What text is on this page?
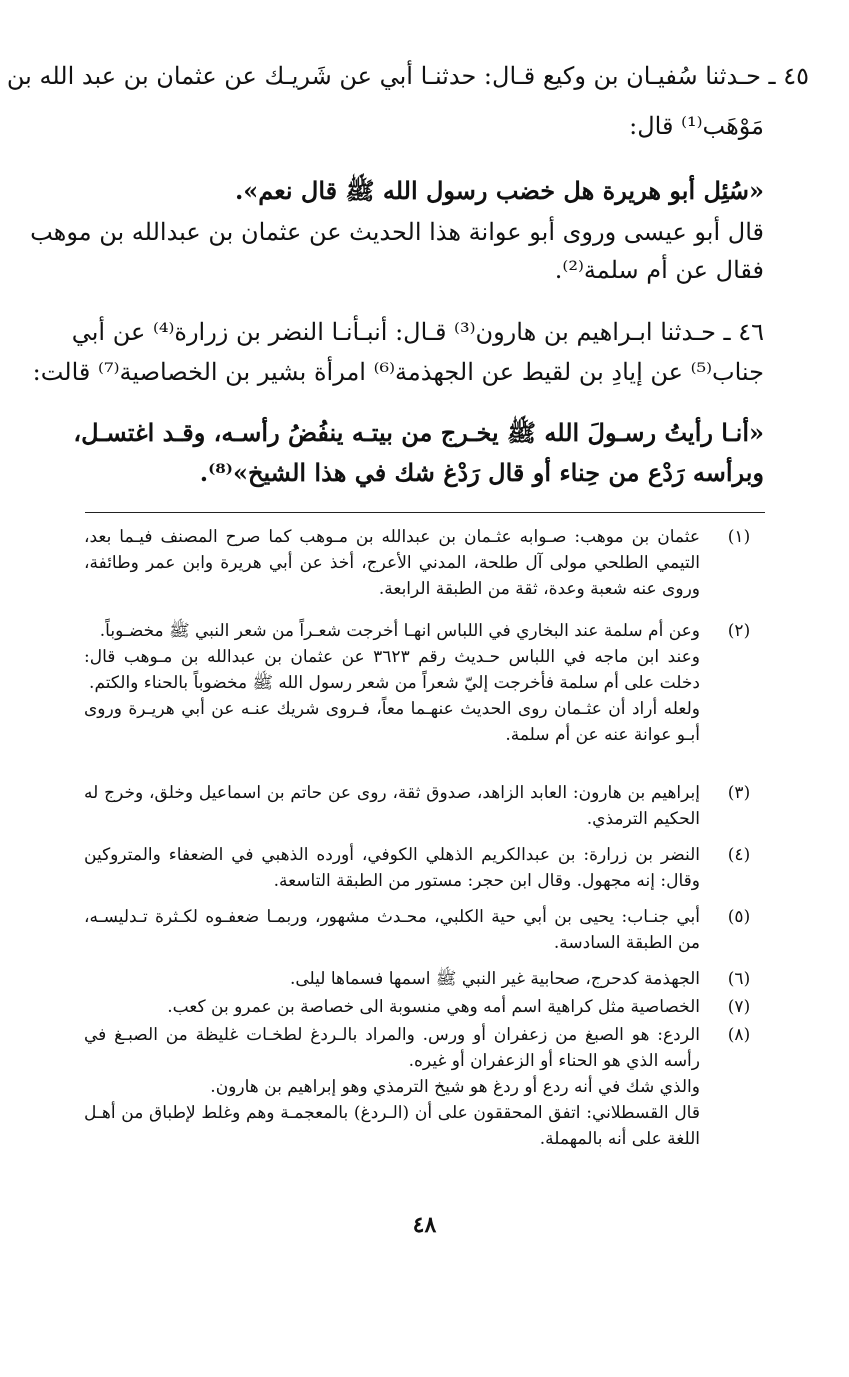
٤٥ ـ حـدثنا سُفيـان بن وكيع قـال: حدثنـا أبي عن شَريـك عن عثمان بن عبد الله بن
مَوْهَب⁽¹⁾ قال:
«سُئِل أبو هريرة هل خضب رسول الله ﷺ قال نعم».
قال أبو عيسى وروى أبو عوانة هذا الحديث عن عثمان بن عبدالله بن موهب
فقال عن أم سلمة⁽²⁾.
٤٦ ـ حـدثنا ابـراهيم بن هارون⁽³⁾ قـال: أنبـأنـا النضر بن زرارة⁽⁴⁾ عن أبي
جناب⁽⁵⁾ عن إيادِ بن لقيط عن الجهذمة⁽⁶⁾ امرأة بشير بن الخصاصية⁽⁷⁾ قالت:
«أنـا رأيتُ رسـولَ الله ﷺ يخـرج من بيتـه ينفُضُ رأسـه، وقـد اغتسـل،
وبرأسه رَدْع من حِناء أو قال رَدْغ شك في هذا الشيخ»⁽⁸⁾.
(١)

عثمان بن موهب: صـوابه عثـمان بن عبدالله بن مـوهب كما صرح المصنف فيـما بعد، التيمي الطلحي مولى آل طلحة، المدني الأعرج، أخذ عن أبي هريرة وابن عمر وطائفة، وروى عنه شعبة وعدة، ثقة من الطبقة الرابعة.

(٢)

وعن أم سلمة عند البخاري في اللباس انهـا أخرجت شعـراً من شعر النبي ﷺ مخضـوباً.

وعند ابن ماجه في اللباس حـديث رقم ٣٦٢٣ عن عثمان بن عبدالله بن مـوهب قال: دخلت على أم سلمة فأخرجت إليّ شعراً من شعر رسول الله ﷺ مخضوباً بالحناء والكتم.

ولعله أراد أن عثـمان روى الحديث عنهـما معاً، فـروى شريك عنـه عن أبي هريـرة وروى أبـو عوانة عنه عن أم سلمة.

(٣)

إبراهيم بن هارون: العابد الزاهد، صدوق ثقة، روى عن حاتم بن اسماعيل وخلق، وخرج له الحكيم الترمذي.

(٤)

النضر بن زرارة: بن عبدالكريم الذهلي الكوفي، أورده الذهبي في الضعفاء والمتروكين وقال: إنه مجهول. وقال ابن حجر: مستور من الطبقة التاسعة.

(٥)

أبي جنـاب: يحيى بن أبي حية الكلبي، محـدث مشهور، وربمـا ضعفـوه لكـثرة تـدليسـه، من الطبقة السادسة.

(٦)

الجهذمة كدحرج، صحابية غير النبي ﷺ اسمها فسماها ليلى.

(٧)

الخصاصية مثل كراهية اسم أمه وهي منسوبة الى خصاصة بن عمرو بن كعب.

(٨)

الردع: هو الصبغ من زعفران أو ورس. والمراد بالـردغ لطخـات غليظة من الصبـغ في رأسه الذي هو الحناء أو الزعفران أو غيره.

والذي شك في أنه ردع أو ردغ هو شيخ الترمذي وهو إبراهيم بن هارون.

قال القسطلاني: اتفق المحققون على أن (الـردغ) بالمعجمـة وهم وغلط لإطباق من أهـل اللغة على أنه بالمهملة.

٤٨
